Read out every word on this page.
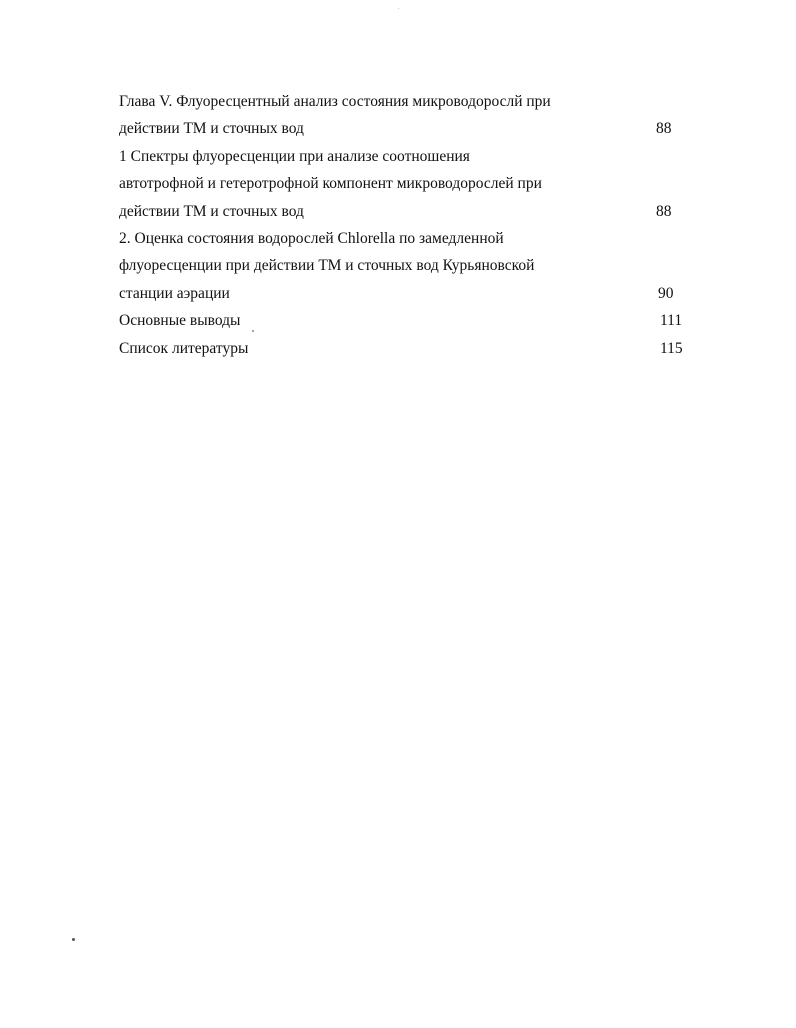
Глава V. Флуоресцентный анализ состояния микроводорослй при
действии ТМ и сточных вод	88
1 Спектры флуоресценции при анализе соотношения
автотрофной и гетеротрофной компонент микроводорослей при
действии ТМ и сточных вод	88
2. Оценка состояния водорослей Chlorella по замедленной
флуоресценции при действии ТМ и сточных вод Курьяновской
станции аэрации	90
Основные выводы	111
Список литературы	115
